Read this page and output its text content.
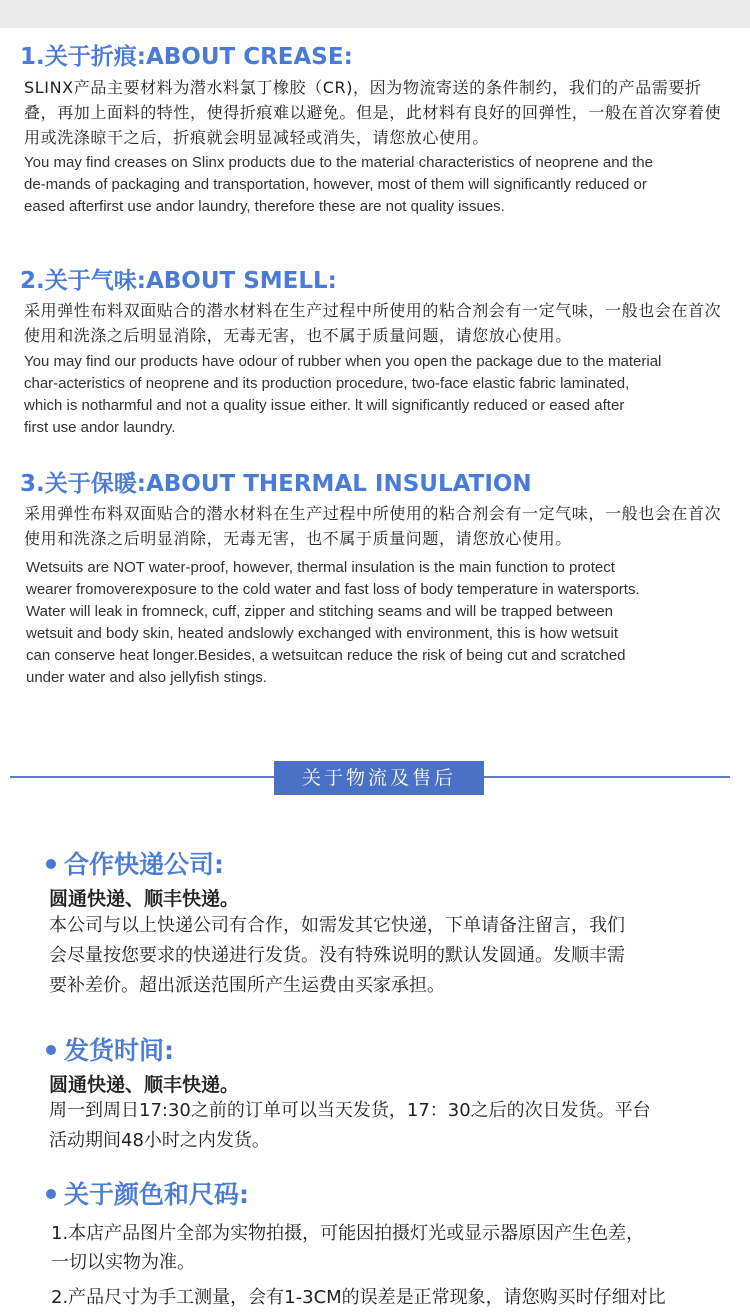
1.关于折痕:ABOUT CREASE:
SLINX产品主要材料为潜水料氯丁橡胶（CR)，因为物流寄送的条件制约，我们的产品需要折叠，再加上面料的特性，使得折痕难以避免。但是，此材料有良好的回弹性，一般在首次穿着使用或洗涤晾干之后，折痕就会明显减轻或消失，请您放心使用。
You may find creases on Slinx products due to the material characteristics of neoprene and the
de-mands of packaging and transportation, however, most of them will significantly reduced or
eased afterfirst use andor laundry, therefore these are not quality issues.
2.关于气味:ABOUT SMELL:
采用弹性布料双面贴合的潜水材料在生产过程中所使用的粘合剂会有一定气味，一般也会在首次使用和洗涤之后明显消除，无毒无害，也不属于质量问题，请您放心使用。
You may find our products have odour of rubber when you open the package due to the material
char-acteristics of neoprene and its production procedure, two-face elastic fabric laminated,
which is notharmful and not a quality issue either. lt will significantly reduced or eased after
first use andor laundry.
3.关于保暖:ABOUT THERMAL INSULATION
采用弹性布料双面贴合的潜水材料在生产过程中所使用的粘合剂会有一定气味，一般也会在首次使用和洗涤之后明显消除，无毒无害，也不属于质量问题，请您放心使用。
Wetsuits are NOT water-proof, however, thermal insulation is the main function to protect
wearer fromoverexposure to the cold water and fast loss of body temperature in watersports.
Water will leak in fromneck, cuff, zipper and stitching seams and will be trapped between
wetsuit and body skin, heated andslowly exchanged with environment, this is how wetsuit
can conserve heat longer.Besides, a wetsuitcan reduce the risk of being cut and scratched
under water and also jellyfish stings.
关于物流及售后
合作快递公司:
圆通快递、顺丰快递。
本公司与以上快递公司有合作，如需发其它快递，下单请备注留言，我们
会尽量按您要求的快递进行发货。没有特殊说明的默认发圆通。发顺丰需
要补差价。超出派送范围所产生运费由买家承担。
发货时间:
圆通快递、顺丰快递。
周一到周日17:30之前的订单可以当天发货，17：30之后的次日发货。平台
活动期间48小时之内发货。
关于颜色和尺码:
1.本店产品图片全部为实物拍摄，可能因拍摄灯光或显示器原因产生色差，
一切以实物为准。
2.产品尺寸为手工测量，会有1-3CM的误差是正常现象，请您购买时仔细对比
